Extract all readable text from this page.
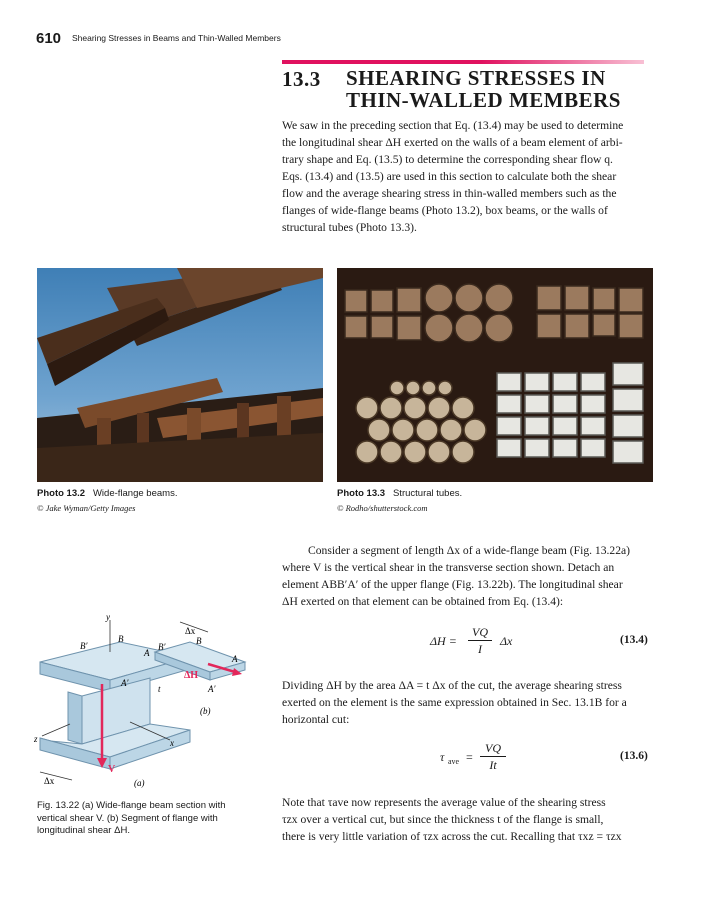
610 Shearing Stresses in Beams and Thin-Walled Members
13.3 SHEARING STRESSES IN
THIN-WALLED MEMBERS
We saw in the preceding section that Eq. (13.4) may be used to determine
the longitudinal shear ΔH exerted on the walls of a beam element of arbi-
trary shape and Eq. (13.5) to determine the corresponding shear flow q.
Eqs. (13.4) and (13.5) are used in this section to calculate both the shear
flow and the average shearing stress in thin-walled members such as the
flanges of wide-flange beams (Photo 13.2), box beams, or the walls of
structural tubes (Photo 13.3).
Photo 13.2 Wide-flange beams.
© Jake Wyman/Getty Images
Photo 13.3 Structural tubes.
© Rodho/shutterstock.com
Consider a segment of length Δx of a wide-flange beam (Fig. 13.22a)
where V is the vertical shear in the transverse section shown. Detach an
element ABB′A′ of the upper flange (Fig. 13.22b). The longitudinal shear
ΔH exerted on that element can be obtained from Eq. (13.4):
ΔH =
VQ
I
Δx	(13.4)
Dividing ΔH by the area ΔA = t Δx of the cut, the average shearing stress
exerted on the element is the same expression obtained in Sec. 13.1B for a
horizontal cut:
τ ave =
VQ
It
(13.6)
Note that τave now represents the average value of the shearing stress
τzx over a vertical cut, but since the thickness t of the flange is small,
there is very little variation of τzx across the cut. Recalling that τxz = τzx
y
B
B′
A
A′
z	x
V
Δx	(a)
Δx
B
B′
A
A′
ΔH
t
(b)
Fig. 13.22 (a) Wide-flange beam section with
vertical shear V. (b) Segment of flange with
longitudinal shear ΔH.
